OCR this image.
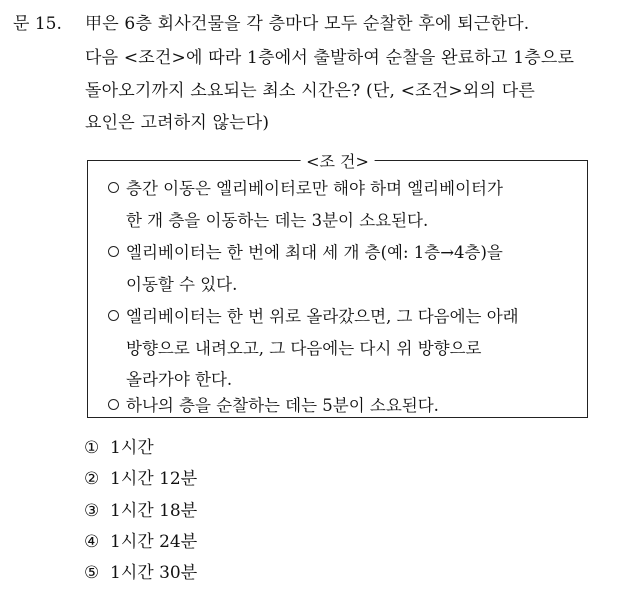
문 15. 甲은 6층 회사건물을 각 층마다 모두 순찰한 후에 퇴근한다.
다음 <조건>에 따라 1층에서 출발하여 순찰을 완료하고 1층으로
돌아오기까지 소요되는 최소 시간은? (단, <조건>외의 다른
요인은 고려하지 않는다)
<조 건>
층간 이동은 엘리베이터로만 해야 하며 엘리베이터가
한 개 층을 이동하는 데는 3분이 소요된다.
엘리베이터는 한 번에 최대 세 개 층(예: 1층→4층)을
이동할 수 있다.
엘리베이터는 한 번 위로 올라갔으면, 그 다음에는 아래
방향으로 내려오고, 그 다음에는 다시 위 방향으로
올라가야 한다.
하나의 층을 순찰하는 데는 5분이 소요된다.
① 1시간
② 1시간 12분
③ 1시간 18분
④ 1시간 24분
⑤ 1시간 30분
